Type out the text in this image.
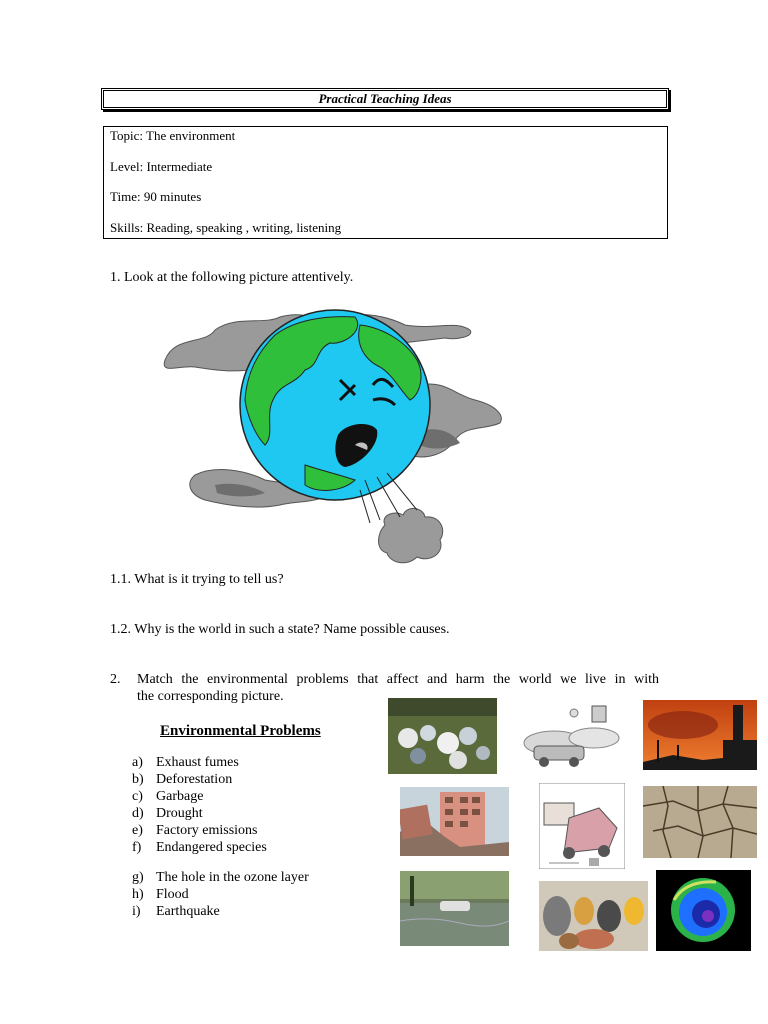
Practical Teaching Ideas
Topic: The environment
Level: Intermediate
Time: 90 minutes
Skills: Reading, speaking , writing, listening
1. Look at the following picture attentively.
1.1. What is it trying to tell us?
1.2. Why is the world in such a state? Name possible causes.
2. Match the environmental problems that affect and harm the world we live in with
the corresponding picture.
Environmental Problems
a) Exhaust fumes
b) Deforestation
c) Garbage
d) Drought
e) Factory emissions
f) Endangered species
g) The hole in the ozone layer
h) Flood
i) Earthquake
